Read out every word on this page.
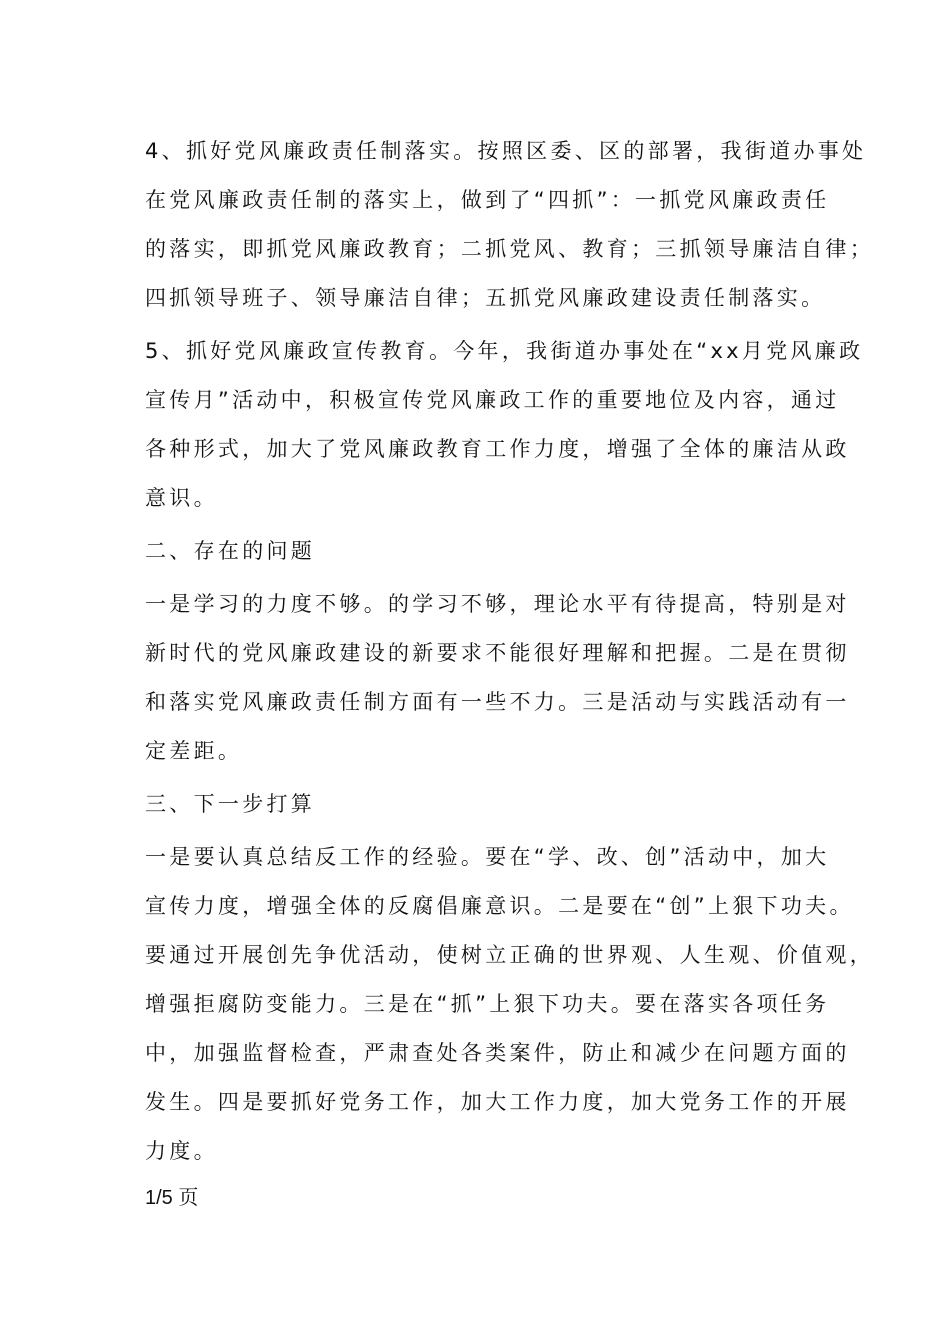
4、抓好党风廉政责任制落实。按照区委、区的部署，我街道办事处
在党风廉政责任制的落实上，做到了“四抓”：一抓党风廉政责任
的落实，即抓党风廉政教育；二抓党风、教育；三抓领导廉洁自律；
四抓领导班子、领导廉洁自律；五抓党风廉政建设责任制落实。
5、抓好党风廉政宣传教育。今年，我街道办事处在“xx月党风廉政
宣传月”活动中，积极宣传党风廉政工作的重要地位及内容，通过
各种形式，加大了党风廉政教育工作力度，增强了全体的廉洁从政
意识。
二、存在的问题
一是学习的力度不够。的学习不够，理论水平有待提高，特别是对
新时代的党风廉政建设的新要求不能很好理解和把握。二是在贯彻
和落实党风廉政责任制方面有一些不力。三是活动与实践活动有一
定差距。
三、下一步打算
一是要认真总结反工作的经验。要在“学、改、创”活动中，加大
宣传力度，增强全体的反腐倡廉意识。二是要在“创”上狠下功夫。
要通过开展创先争优活动，使树立正确的世界观、人生观、价值观，
增强拒腐防变能力。三是在“抓”上狠下功夫。要在落实各项任务
中，加强监督检查，严肃查处各类案件，防止和减少在问题方面的
发生。四是要抓好党务工作，加大工作力度，加大党务工作的开展
力度。
1/5 页
